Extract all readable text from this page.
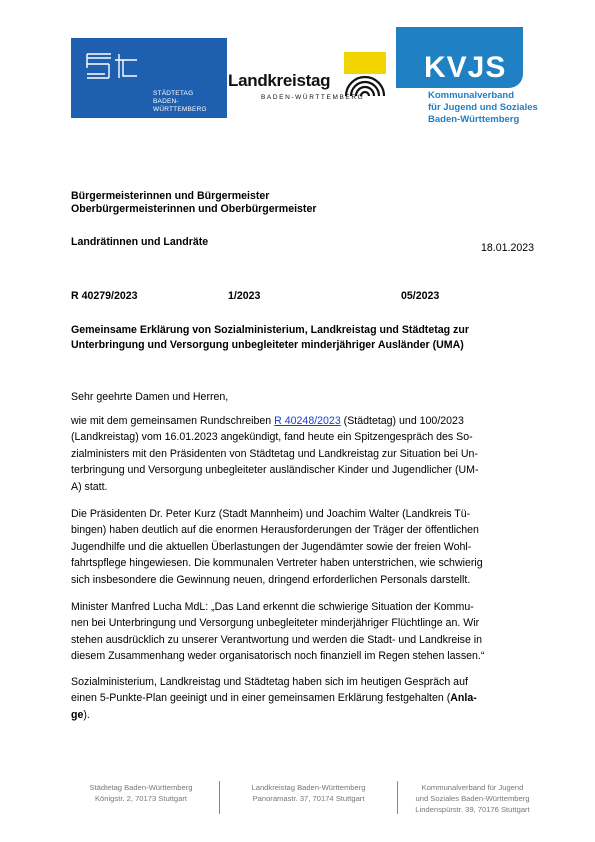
STÄDTETAG
BADEN-WÜRTTEMBERG
Landkreistag
BADEN-WÜRTTEMBERG
KVJS
Kommunalverband
für Jugend und Soziales
Baden-Württemberg
Bürgermeisterinnen und Bürgermeister
Oberbürgermeisterinnen und Oberbürgermeister
Landrätinnen und Landräte	18.01.2023
R 40279/2023	1/2023	05/2023
Gemeinsame Erklärung von Sozialministerium, Landkreistag und Städtetag zur
Unterbringung und Versorgung unbegleiteter minderjähriger Ausländer (UMA)
Sehr geehrte Damen und Herren,
wie mit dem gemeinsamen Rundschreiben R 40248/2023 (Städtetag) und 100/2023
(Landkreistag) vom 16.01.2023 angekündigt, fand heute ein Spitzengespräch des So-
zialministers mit den Präsidenten von Städtetag und Landkreistag zur Situation bei Un-
terbringung und Versorgung unbegleiteter ausländischer Kinder und Jugendlicher (UM-
A) statt.
Die Präsidenten Dr. Peter Kurz (Stadt Mannheim) und Joachim Walter (Landkreis Tü-
bingen) haben deutlich auf die enormen Herausforderungen der Träger der öffentlichen
Jugendhilfe und die aktuellen Überlastungen der Jugendämter sowie der freien Wohl-
fahrtspflege hingewiesen. Die kommunalen Vertreter haben unterstrichen, wie schwierig
sich insbesondere die Gewinnung neuen, dringend erforderlichen Personals darstellt.
Minister Manfred Lucha MdL: „Das Land erkennt die schwierige Situation der Kommu-
nen bei Unterbringung und Versorgung unbegleiteter minderjähriger Flüchtlinge an. Wir
stehen ausdrücklich zu unserer Verantwortung und werden die Stadt- und Landkreise in
diesem Zusammenhang weder organisatorisch noch finanziell im Regen stehen lassen.“
Sozialministerium, Landkreistag und Städtetag haben sich im heutigen Gespräch auf
einen 5-Punkte-Plan geeinigt und in einer gemeinsamen Erklärung festgehalten (Anla-
ge).
Städtetag Baden-Württemberg
Königstr. 2, 70173 Stuttgart
Landkreistag Baden-Württemberg
Panoramastr. 37, 70174 Stuttgart
Kommunalverband für Jugend
und Soziales Baden-Württemberg
Lindenspürstr. 39, 70176 Stuttgart
